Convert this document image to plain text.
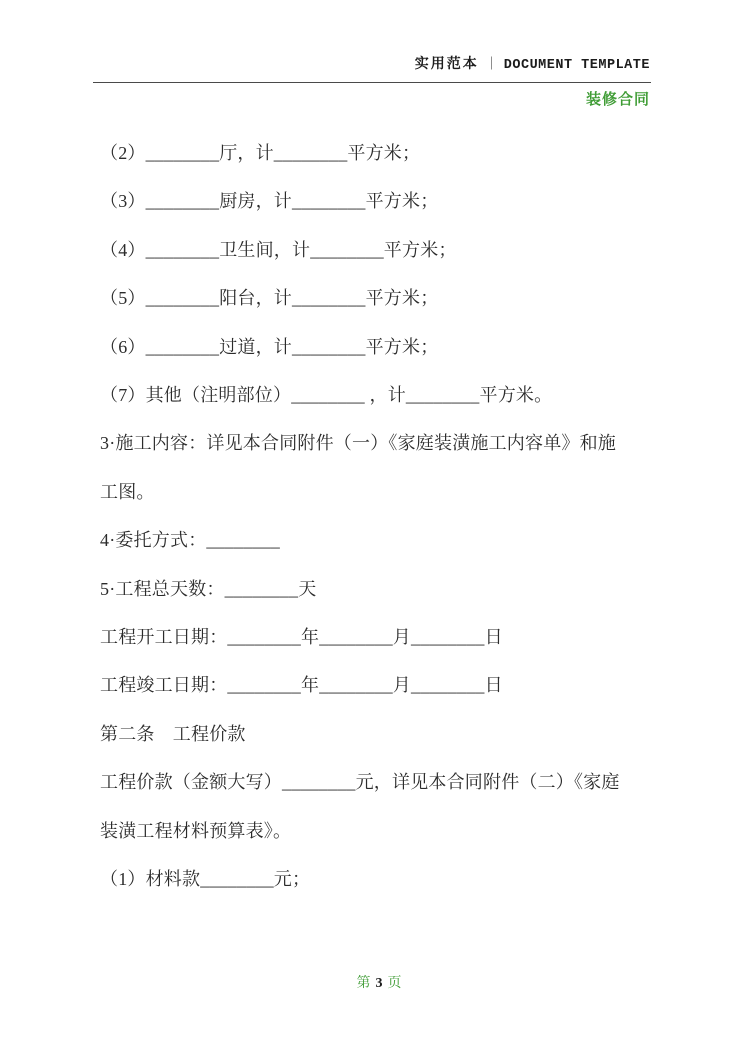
实用范本 ｜ DOCUMENT TEMPLATE
装修合同
（2）________厅，计________平方米；
（3）________厨房，计________平方米；
（4）________卫生间，计________平方米；
（5）________阳台，计________平方米；
（6）________过道，计________平方米；
（7）其他（注明部位）________ ，计________平方米。
3·施工内容：详见本合同附件（一）《家庭装潢施工内容单》和施
工图。
4·委托方式：________
5·工程总天数：________天
工程开工日期：________年________月________日
工程竣工日期：________年________月________日
第二条　工程价款
工程价款（金额大写）________元，详见本合同附件（二）《家庭
装潢工程材料预算表》。
（1）材料款________元；

第 3 页
